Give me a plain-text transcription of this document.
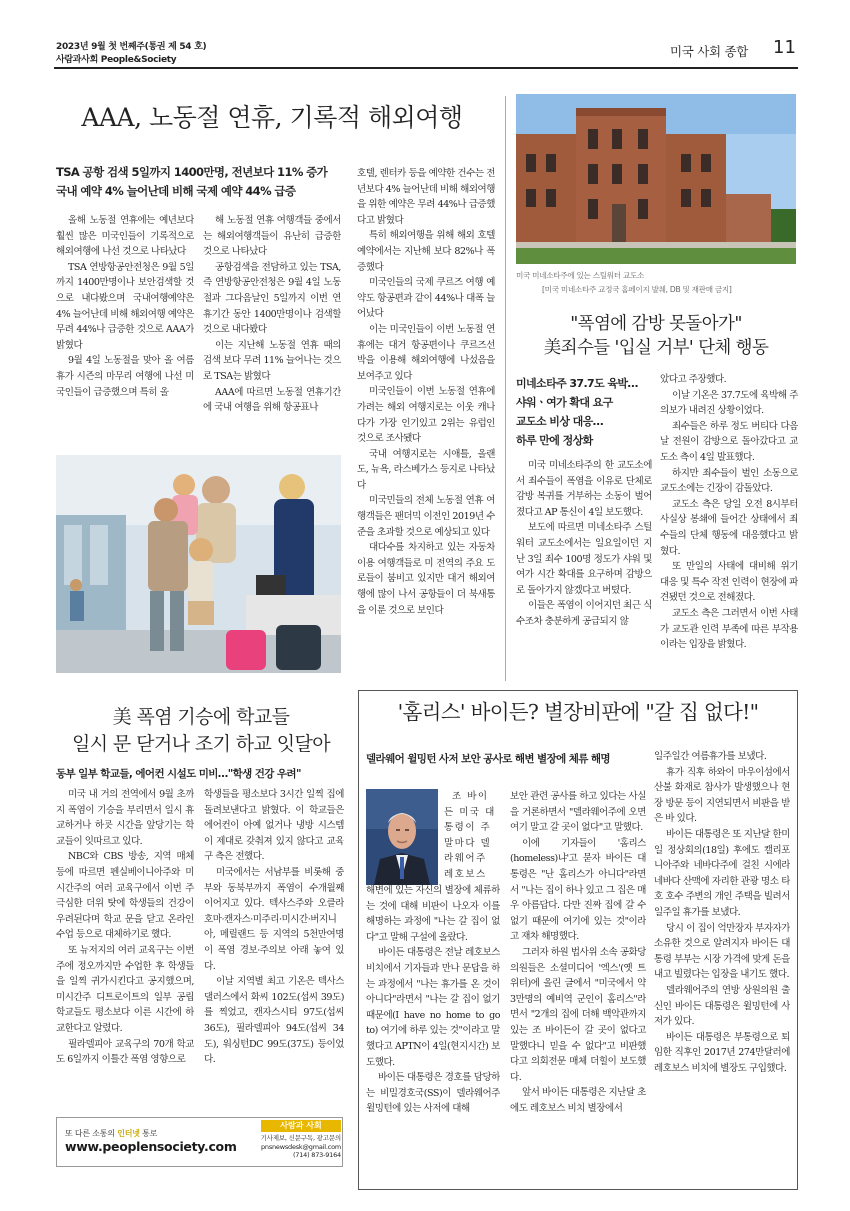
2023년 9월 첫 번째주(통권 제 54 호)
사람과사회 People&Society
미국 사회 종합 11
AAA, 노동절 연휴, 기록적 해외여행
TSA 공항 검색 5일까지 1400만명, 전년보다 11% 증가
국내 예약 4% 늘어난데 비해 국제 예약 44% 급증

올해 노동절 연휴에는 예년보다 훨씬 많은 미국인들이 기록적으로 해외여행에 나선 것으로 나타났다

TSA 연방항공안전청은 9월 5일까지 1400만명이나 보안검색할 것으로 내다봤으며 국내여행예약은 4% 늘어난데 비해 해외여행 예약은 무려 44%나 급증한 것으로 AAA가 밝혔다

9월 4일 노동절을 맞아 올 여름 휴가 시즌의 마무리 여행에 나선 미국인들이 급증했으며 특히 올

해 노동절 연휴 여행객들 중에서는 해외여행객들이 유난히 급증한 것으로 나타났다

공항검색을 전담하고 있는 TSA, 즉 연방항공안전청은 9월 4일 노동절과 그다음날인 5일까지 이번 연휴기간 동안 1400만명이나 검색할 것으로 내다봤다

이는 지난해 노동절 연휴 때의 검색 보다 무려 11% 늘어나는 것으로 TSA는 밝혔다

AAA에 따르면 노동절 연휴기간에 국내 여행을 위해 항공표나

호텔, 렌터카 등을 예약한 건수는 전년보다 4% 늘어난데 비해 해외여행을 위한 예약은 무려 44%나 급증했다고 밝혔다

특히 해외여행을 위해 해외 호텔 예약에서는 지난해 보다 82%나 폭증했다

미국인들의 국제 쿠르즈 여행 예약도 항공편과 같이 44%나 대폭 늘어났다

이는 미국인들이 이번 노동절 연휴에는 대거 항공편이나 쿠르즈선박을 이용해 해외여행에 나섰음을 보여주고 있다

미국인들이 이번 노동절 연휴에 가려는 해외 여행지로는 이웃 캐나다가 가장 인기있고 2위는 유럽인 것으로 조사됐다

국내 여행지로는 시애틀, 올랜도, 뉴욕, 라스베가스 등지로 나타났다

미국민들의 전체 노동절 연휴 여행객들은 팬더믹 이전인 2019년 수준을 초과할 것으로 예상되고 있다

대다수를 차지하고 있는 자동차 이용 여행객들로 미 전역의 주요 도로들이 붐비고 있지만 대거 해외여행에 많이 나서 공항들이 더 북새통을 이룬 것으로 보인다

미국 미네소타주에 있는 스틸워터 교도소
[미국 미네소타주 교정국 홈페이지 발췌, DB 및 재판매 금지]
"폭염에 감방 못돌아가"
美죄수들 '입실 거부' 단체 행동
미네소타주 37.7도 육박…
샤워ㆍ여가 확대 요구
교도소 비상 대응…
하루 만에 정상화

미국 미네소타주의 한 교도소에서 죄수들이 폭염을 이유로 단체로 감방 복귀를 거부하는 소동이 벌어졌다고 AP 통신이 4일 보도했다.

보도에 따르면 미네소타주 스틸워터 교도소에서는 일요일이던 지난 3일 죄수 100명 정도가 샤워 및 여가 시간 확대를 요구하며 감방으로 돌아가지 않겠다고 버텼다.

이들은 폭염이 이어지던 최근 식수조차 충분하게 공급되지 않

았다고 주장했다.

이날 기온은 37.7도에 육박해 주의보가 내려진 상황이었다.

죄수들은 하루 정도 버티다 다음날 전원이 감방으로 돌아갔다고 교도소 측이 4일 발표했다.

하지만 죄수들이 벌인 소동으로 교도소에는 긴장이 감돌았다.

교도소 측은 당일 오전 8시부터 사실상 봉쇄에 들어간 상태에서 죄수들의 단체 행동에 대응했다고 밝혔다.

또 만일의 사태에 대비해 위기 대응 및 특수 작전 인력이 현장에 파견됐던 것으로 전해졌다.

교도소 측은 그러면서 이번 사태가 교도관 인력 부족에 따른 부작용이라는 입장을 밝혔다.

美 폭염 기승에 학교들
일시 문 닫거나 조기 하교 잇달아
동부 일부 학교들, 에어컨 시설도 미비…"학생 건강 우려"

미국 내 거의 전역에서 9월 초까지 폭염이 기승을 부리면서 일시 휴교하거나 하굣 시간을 앞당기는 학교들이 잇따르고 있다.

NBC와 CBS 방송, 지역 매체 등에 따르면 펜실베이니아주와 미시간주의 여러 교육구에서 이번 주 극심한 더위 탓에 학생들의 건강이 우려된다며 학교 문을 닫고 온라인 수업 등으로 대체하기로 했다.

또 뉴저지의 여러 교육구는 이번 주에 정오까지만 수업한 후 학생들을 일찍 귀가시킨다고 공지했으며, 미시간주 디트로이트의 일부 공립학교들도 평소보다 이른 시간에 하교한다고 알렸다.

필라델피아 교육구의 70개 학교도 6일까지 이틀간 폭염 영향으로

학생들을 평소보다 3시간 일찍 집에 돌려보낸다고 밝혔다. 이 학교들은 에어컨이 아예 없거나 냉방 시스템이 제대로 갖춰져 있지 않다고 교육구 측은 전했다.

미국에서는 서남부를 비롯해 중부와 동북부까지 폭염이 수개월째 이어지고 있다. 텍사스주와 오클라호마·캔자스·미주리·미시간·버지니아, 메릴랜드 등 지역의 5천만여명이 폭염 경보·주의보 아래 놓여 있다.

이날 지역별 최고 기온은 텍사스 댈러스에서 화씨 102도(섭씨 39도)를 찍었고, 캔자스시티 97도(섭씨 36도), 필라델피아 94도(섭씨 34도), 워싱턴DC 99도(37도) 등이었다.

또 다른 소통의 인터넷 통로
www.peoplensociety.com
사람과 사회
기사제보, 신문구독, 광고문의
pnsnewsdesk@gmail.com
(714) 873-9164
'홈리스' 바이든? 별장비판에 "갈 집 없다!"
델라웨어 윌밍턴 사저 보안 공사로 해변 별장에 체류 해명
조 바이
든 미국 대
통령이 주
말마다 델
라웨어주
레호보스

해변에 있는 자신의 별장에 체류하는 것에 대해 비판이 나오자 이를 해명하는 과정에 "나는 갈 집이 없다"고 말해 구설에 올랐다.

바이든 대통령은 전날 레호보스 비치에서 기자들과 만나 문답을 하는 과정에서 "나는 휴가를 온 것이 아니다"라면서 "나는 갈 집이 없기 때문에(I have no home to go to) 여기에 하루 있는 것"이라고 말했다고 APTN이 4일(현지시간) 보도했다.

바이든 대통령은 경호를 담당하는 비밀경호국(SS)이 델라웨어주 윌밍턴에 있는 사저에 대해

보안 관련 공사를 하고 있다는 사실을 거론하면서 "델라웨어주에 오면 여기 말고 갈 곳이 없다"고 말했다.

이에 기자들이 '홈리스(homeless)냐'고 묻자 바이든 대통령은 "난 홈리스가 아니다"라면서 "나는 집이 하나 있고 그 집은 매우 아름답다. 다만 진짜 집에 갈 수 없기 때문에 여기에 있는 것"이라고 재차 해명했다.

그러자 하원 법사위 소속 공화당 의원들은 소셜미디어 '엑스'(옛 트위터)에 올린 글에서 "미국에서 약 3만명의 예비역 군인이 홈리스"라면서 "2개의 집에 더해 백악관까지 있는 조 바이든이 갈 곳이 없다고 말했다니 믿을 수 없다"고 비판했다고 의회전문 매체 더힐이 보도했다.

앞서 바이든 대통령은 지난달 초에도 레호보스 비치 별장에서

일주일간 여름휴가를 보냈다.

휴가 직후 하와이 마우이섬에서 산불 화재로 참사가 발생했으나 현장 방문 등이 지연되면서 비판을 받은 바 있다.

바이든 대통령은 또 지난달 한미일 정상회의(18일) 후에도 캘리포니아주와 네바다주에 걸친 시에라 네바다 산맥에 자리한 관광 명소 타호 호수 주변의 개인 주택을 빌려서 일주일 휴가를 보냈다.

당시 이 집이 억만장자 부자자가 소유한 것으로 알려지자 바이든 대통령 부부는 시장 가격에 맞게 돈을 내고 빌렸다는 입장을 내기도 했다.

델라웨어주의 연방 상원의원 출신인 바이든 대통령은 윌밍턴에 사저가 있다.

바이든 대통령은 부통령으로 퇴임한 직후인 2017년 274만달러에 레호보스 비치에 별장도 구입했다.
